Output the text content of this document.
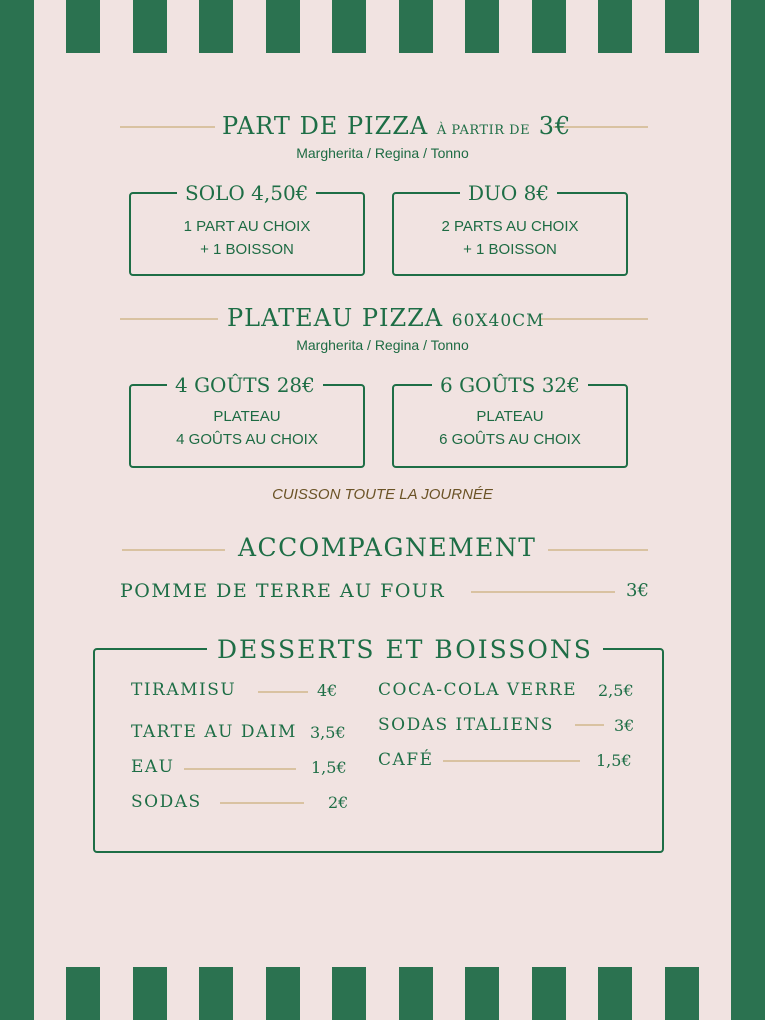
PART DE PIZZA À PARTIR DE 3€
Margherita / Regina / Tonno
SOLO 4,50€
1 PART AU CHOIX
+ 1 BOISSON
DUO 8€
2 PARTS AU CHOIX
+ 1 BOISSON
PLATEAU PIZZA 60X40CM
Margherita / Regina / Tonno
4 GOÛTS 28€
PLATEAU
4 GOÛTS AU CHOIX
6 GOÛTS 32€
PLATEAU
6 GOÛTS AU CHOIX
CUISSON TOUTE LA JOURNÉE
ACCOMPAGNEMENT
POMME DE TERRE AU FOUR	3€
DESSERTS ET BOISSONS
TIRAMISU	4€
TARTE AU DAIM 3,5€
EAU	1,5€
SODAS	2€
COCA-COLA VERRE 2,5€
SODAS ITALIENS	3€
CAFÉ	1,5€
